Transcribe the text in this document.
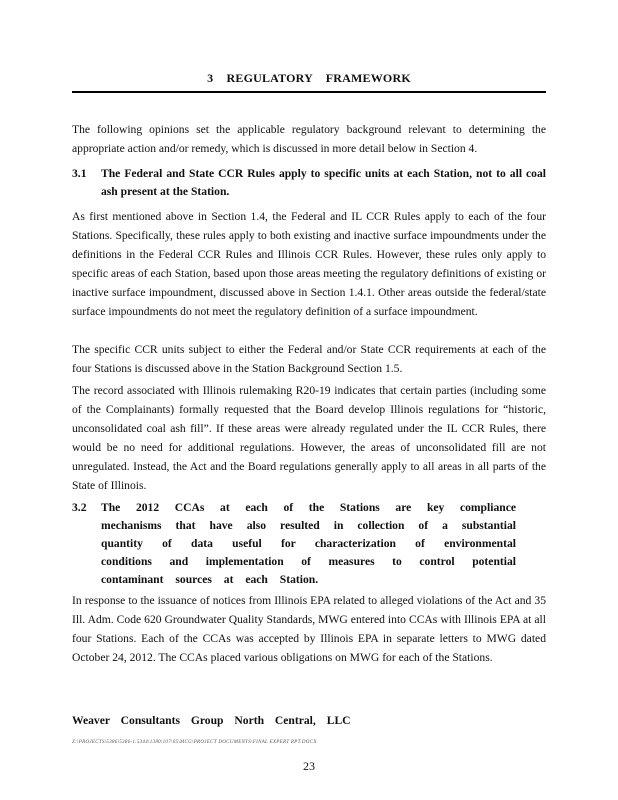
3 REGULATORY FRAMEWORK

The following opinions set the applicable regulatory background relevant to determining the appropriate action and/or remedy, which is discussed in more detail below in Section 4.

3.1 The Federal and State CCR Rules apply to specific units at each Station, not to all coal ash present at the Station.

As first mentioned above in Section 1.4, the Federal and IL CCR Rules apply to each of the four Stations. Specifically, these rules apply to both existing and inactive surface impoundments under the definitions in the Federal CCR Rules and Illinois CCR Rules. However, these rules only apply to specific areas of each Station, based upon those areas meeting the regulatory definitions of existing or inactive surface impoundment, discussed above in Section 1.4.1. Other areas outside the federal/state surface impoundments do not meet the regulatory definition of a surface impoundment.

The specific CCR units subject to either the Federal and/or State CCR requirements at each of the four Stations is discussed above in the Station Background Section 1.5.

The record associated with Illinois rulemaking R20-19 indicates that certain parties (including some of the Complainants) formally requested that the Board develop Illinois regulations for “historic, unconsolidated coal ash fill”. If these areas were already regulated under the IL CCR Rules, there would be no need for additional regulations. However, the areas of unconsolidated fill are not unregulated. Instead, the Act and the Board regulations generally apply to all areas in all parts of the State of Illinois.

3.2 The 2012 CCAs at each of the Stations are key compliance mechanisms that have also resulted in collection of a substantial quantity of data useful for characterization of environmental conditions and implementation of measures to control potential contaminant sources at each Station.

In response to the issuance of notices from Illinois EPA related to alleged violations of the Act and 35 Ill. Adm. Code 620 Groundwater Quality Standards, MWG entered into CCAs with Illinois EPA at all four Stations. Each of the CCAs was accepted by Illinois EPA in separate letters to MWG dated October 24, 2012. The CCAs placed various obligations on MWG for each of the Stations.

Weaver Consultants Group North Central, LLC
Z:\PROJECTS\5386\5386-1.5344\1380\107\05\MCG\PROJECT DOCUMENTS\FINAL EXPERT RPT.DOCX
23
